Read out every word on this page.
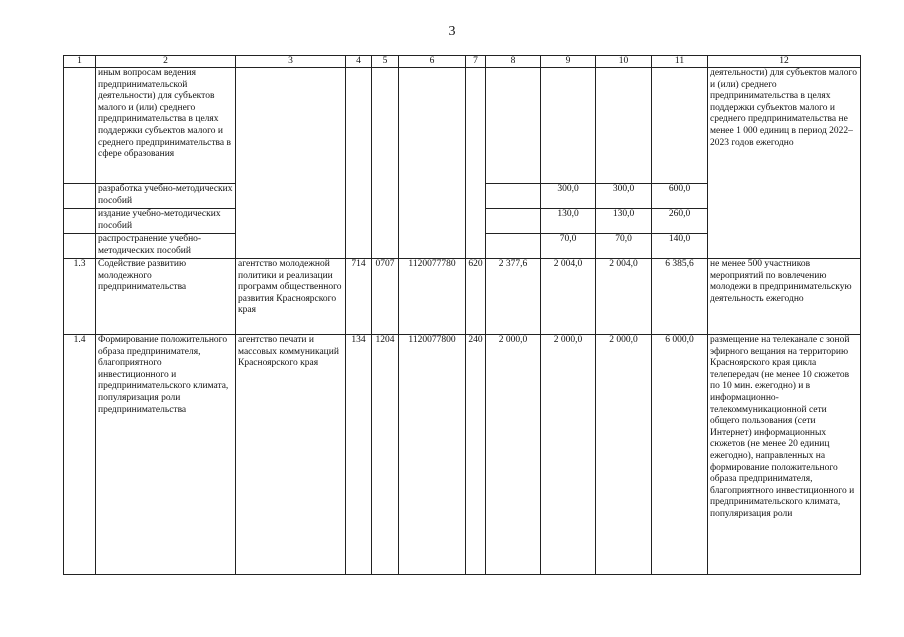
3
1	2	3	4	5	6	7	8	9	10	11	12
	иным вопросам ведения предпринимательской деятельности) для субъектов малого и (или) среднего предпринимательства в целях поддержки субъектов малого и среднего предпринимательства в сфере образования										деятельности) для субъектов малого и (или) среднего предпринимательства в целях поддержки субъектов малого и среднего предпринимательства не менее 1 000 единиц в период 2022–2023 годов ежегодно
	разработка учебно-методических пособий							300,0	300,0	600,0	
	издание учебно-методических пособий							130,0	130,0	260,0	
	распространение учебно-методических пособий							70,0	70,0	140,0	
1.3	Содействие развитию молодежного предпринимательства	агентство молодежной политики и реализации программ общественного развития Красноярского края	714	0707	1120077780	620	2 377,6	2 004,0	2 004,0	6 385,6	не менее 500 участников мероприятий по вовлечению молодежи в предпринимательскую деятельность ежегодно
1.4	Формирование положительного образа предпринимателя, благоприятного инвестиционного и предпринимательского климата, популяризация роли предпринимательства	агентство печати и массовых коммуникаций Красноярского края	134	1204	1120077800	240	2 000,0	2 000,0	2 000,0	6 000,0	размещение на телеканале с зоной эфирного вещания на территорию Красноярского края цикла телепередач (не менее 10 сюжетов по 10 мин. ежегодно) и в информационно-телекоммуникационной сети общего пользования (сети Интернет) информационных сюжетов (не менее 20 единиц ежегодно), направленных на формирование положительного образа предпринимателя, благоприятного инвестиционного и предпринимательского климата, популяризация роли
